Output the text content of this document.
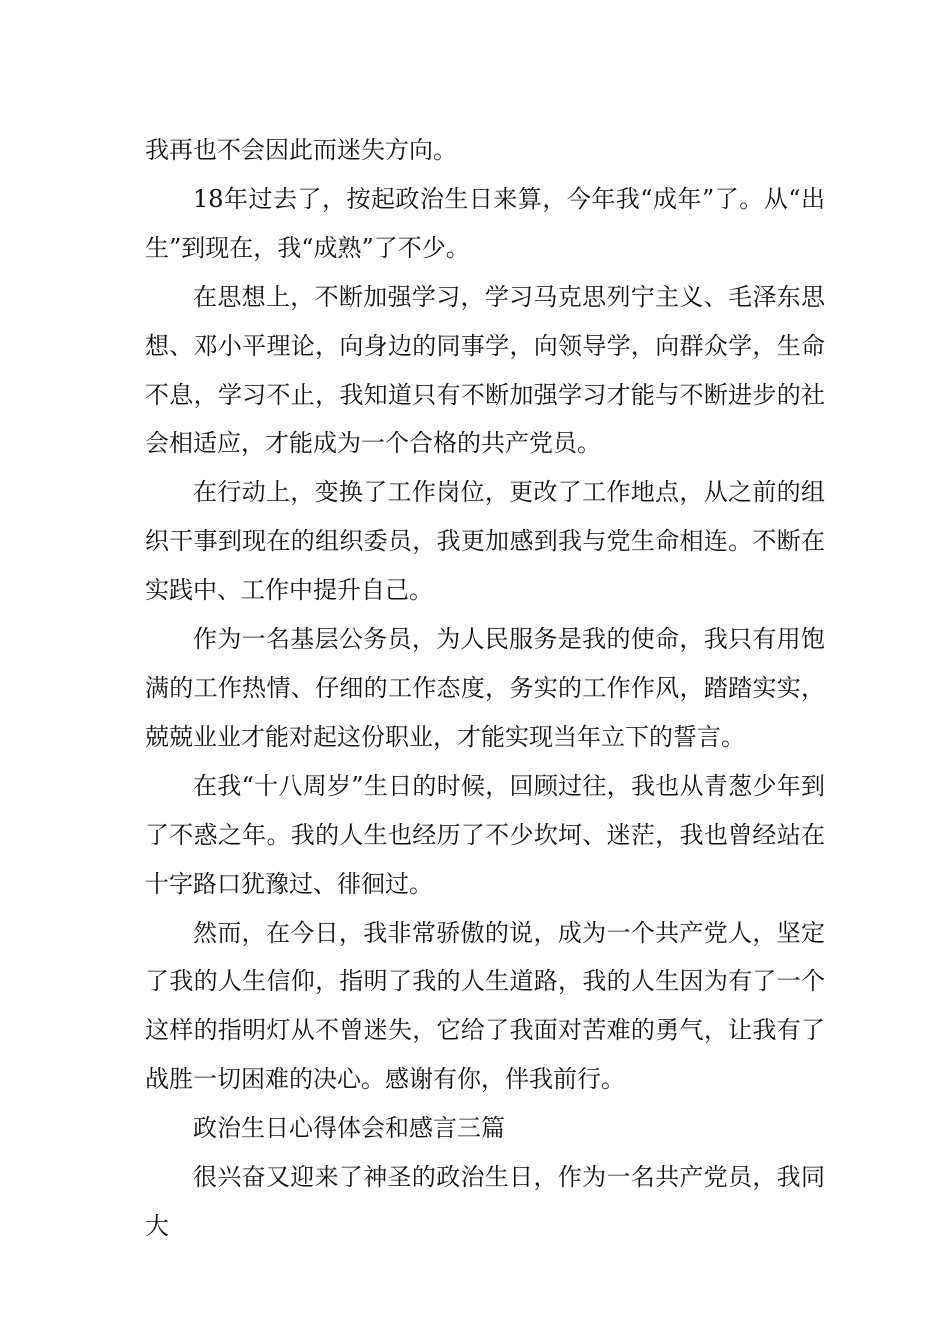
我再也不会因此而迷失方向。

18年过去了，按起政治生日来算，今年我“成年”了。从“出生”到现在，我“成熟”了不少。

在思想上，不断加强学习，学习马克思列宁主义、毛泽东思想、邓小平理论，向身边的同事学，向领导学，向群众学，生命不息，学习不止，我知道只有不断加强学习才能与不断进步的社会相适应，才能成为一个合格的共产党员。

在行动上，变换了工作岗位，更改了工作地点，从之前的组织干事到现在的组织委员，我更加感到我与党生命相连。不断在实践中、工作中提升自己。

作为一名基层公务员，为人民服务是我的使命，我只有用饱满的工作热情、仔细的工作态度，务实的工作作风，踏踏实实，兢兢业业才能对起这份职业，才能实现当年立下的誓言。

在我“十八周岁”生日的时候，回顾过往，我也从青葱少年到了不惑之年。我的人生也经历了不少坎坷、迷茫，我也曾经站在十字路口犹豫过、徘徊过。

然而，在今日，我非常骄傲的说，成为一个共产党人，坚定了我的人生信仰，指明了我的人生道路，我的人生因为有了一个这样的指明灯从不曾迷失，它给了我面对苦难的勇气，让我有了战胜一切困难的决心。感谢有你，伴我前行。

政治生日心得体会和感言三篇

很兴奋又迎来了神圣的政治生日，作为一名共产党员，我同大
